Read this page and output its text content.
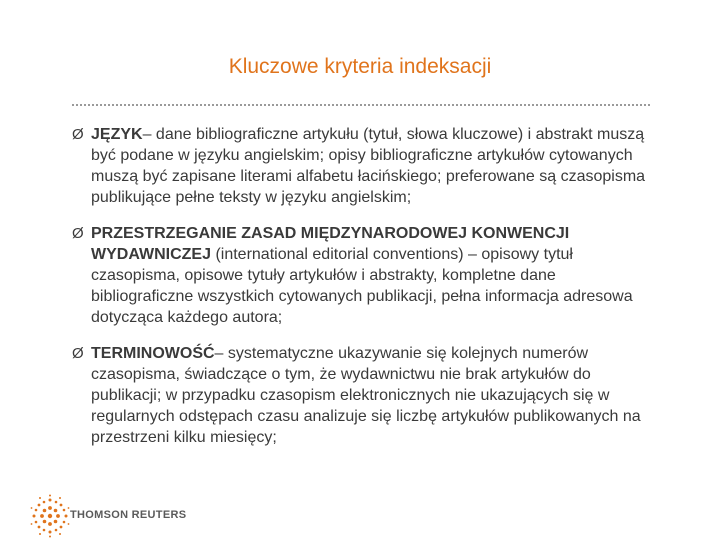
Kluczowe kryteria indeksacji
Ø JĘZYK– dane bibliograficzne artykułu (tytuł, słowa kluczowe) i abstrakt muszą być podane w języku angielskim; opisy bibliograficzne artykułów cytowanych muszą być zapisane literami alfabetu łacińskiego; preferowane są czasopisma publikujące pełne teksty w języku angielskim;
Ø PRZESTRZEGANIE ZASAD MIĘDZYNARODOWEJ KONWENCJI WYDAWNICZEJ (international editorial conventions) – opisowy tytuł czasopisma, opisowe tytuły artykułów i abstrakty, kompletne dane bibliograficzne wszystkich cytowanych publikacji, pełna informacja adresowa dotycząca każdego autora;
Ø TERMINOWOŚĆ– systematyczne ukazywanie się kolejnych numerów czasopisma, świadczące o tym, że wydawnictwu nie brak artykułów do publikacji; w przypadku czasopism elektronicznych nie ukazujących się w regularnych odstępach czasu analizuje się liczbę artykułów publikowanych na przestrzeni kilku miesięcy;
THOMSON REUTERS
